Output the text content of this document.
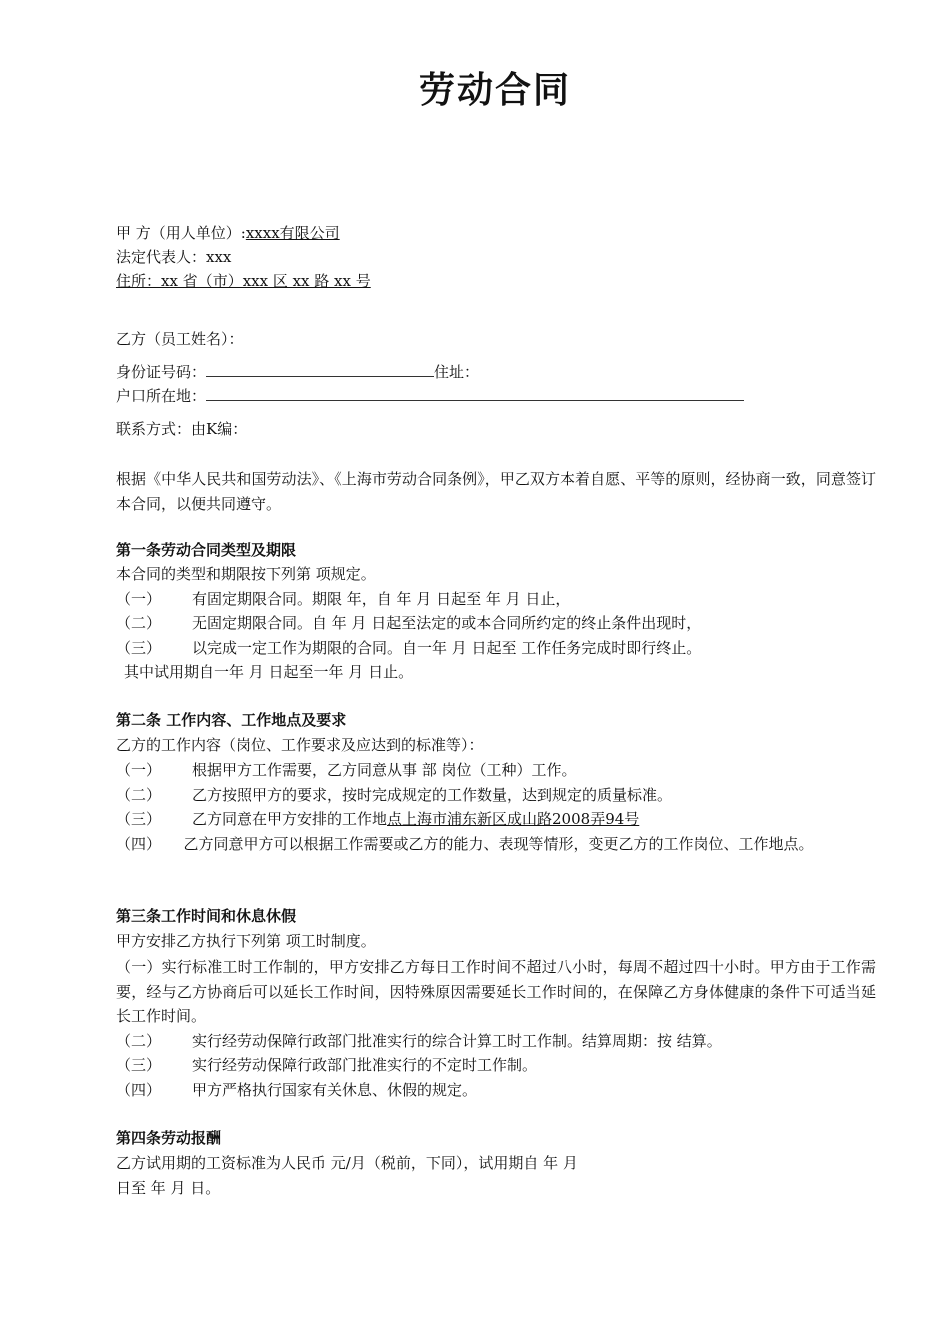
劳动合同
甲 方（用人单位）:xxxx有限公司
法定代表人：xxx
住所：xx 省（市）xxx 区 xx 路 xx 号
乙方（员工姓名）：
身份证号码：	住址：
户口所在地：
联系方式：由K编：
根据《中华人民共和国劳动法》、《上海市劳动合同条例》，甲乙双方本着自愿、平等的原则，经协商一致，同意签订本合同，以便共同遵守。
第一条劳动合同类型及期限
本合同的类型和期限按下列第 项规定。
（一） 有固定期限合同。期限 年，自 年 月 日起至 年 月 日止，
（二） 无固定期限合同。自 年 月 日起至法定的或本合同所约定的终止条件出现时，
（三） 以完成一定工作为期限的合同。自一年 月 日起至 工作任务完成时即行终止。
其中试用期自一年 月 日起至一年 月 日止。
第二条 工作内容、工作地点及要求
乙方的工作内容（岗位、工作要求及应达到的标准等）：
（一） 根据甲方工作需要，乙方同意从事 部 岗位（工种）工作。
（二） 乙方按照甲方的要求，按时完成规定的工作数量，达到规定的质量标准。
（三） 乙方同意在甲方安排的工作地点上海市浦东新区成山路2008弄94号
（四）　　乙方同意甲方可以根据工作需要或乙方的能力、表现等情形，变更乙方的工作岗位、工作地点。
第三条工作时间和休息休假
甲方安排乙方执行下列第 项工时制度。
（一）实行标准工时工作制的，甲方安排乙方每日工作时间不超过八小时，每周不超过四十小时。甲方由于工作需要，经与乙方协商后可以延长工作时间，因特殊原因需要延长工作时间的，在保障乙方身体健康的条件下可适当延长工作时间。
（二） 实行经劳动保障行政部门批准实行的综合计算工时工作制。结算周期：按 结算。
（三） 实行经劳动保障行政部门批准实行的不定时工作制。
（四） 甲方严格执行国家有关休息、休假的规定。
第四条劳动报酬
乙方试用期的工资标准为人民币 元/月（税前，下同），试用期自 年 月
日至 年 月 日。
